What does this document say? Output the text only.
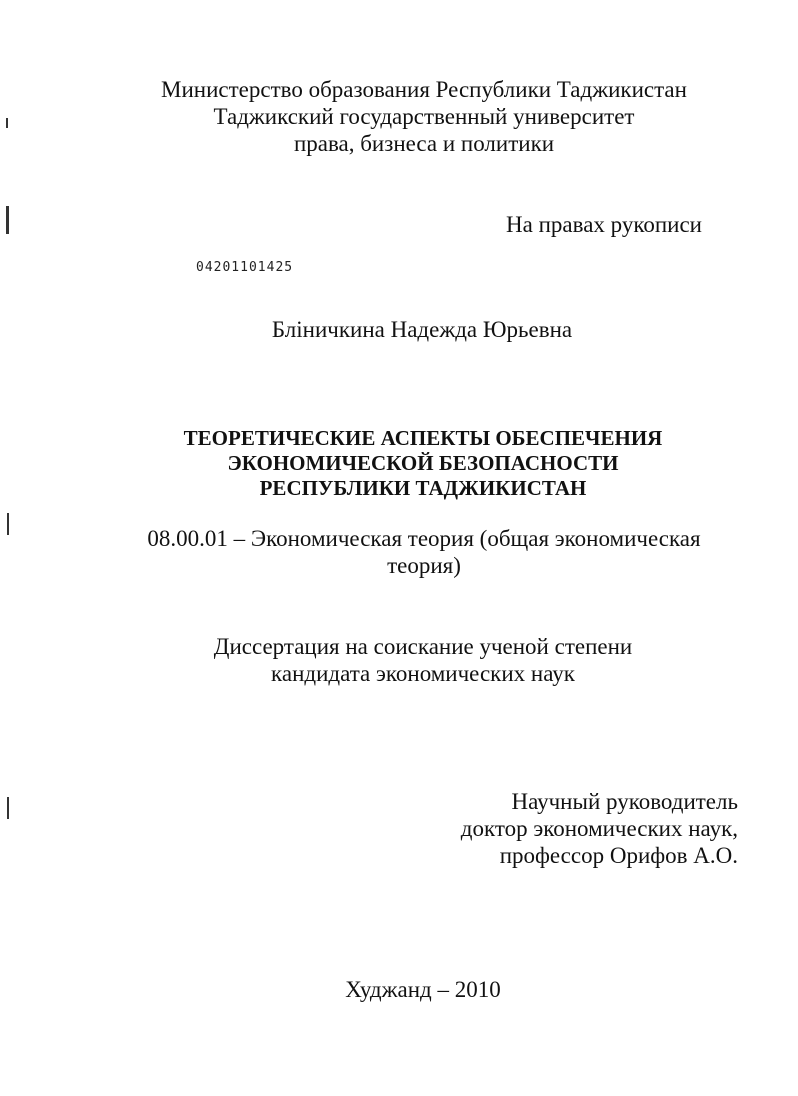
Министерство образования Республики Таджикистан
Таджикский государственный университет
права, бизнеса и политики
На правах рукописи
04201101425
Бліничкина Надежда Юрьевна
ТЕОРЕТИЧЕСКИЕ АСПЕКТЫ ОБЕСПЕЧЕНИЯ
ЭКОНОМИЧЕСКОЙ БЕЗОПАСНОСТИ
РЕСПУБЛИКИ ТАДЖИКИСТАН
08.00.01 – Экономическая теория (общая экономическая
теория)
Диссертация на соискание ученой степени
кандидата экономических наук
Научный руководитель
доктор экономических наук,
профессор Орифов А.О.
Худжанд – 2010
